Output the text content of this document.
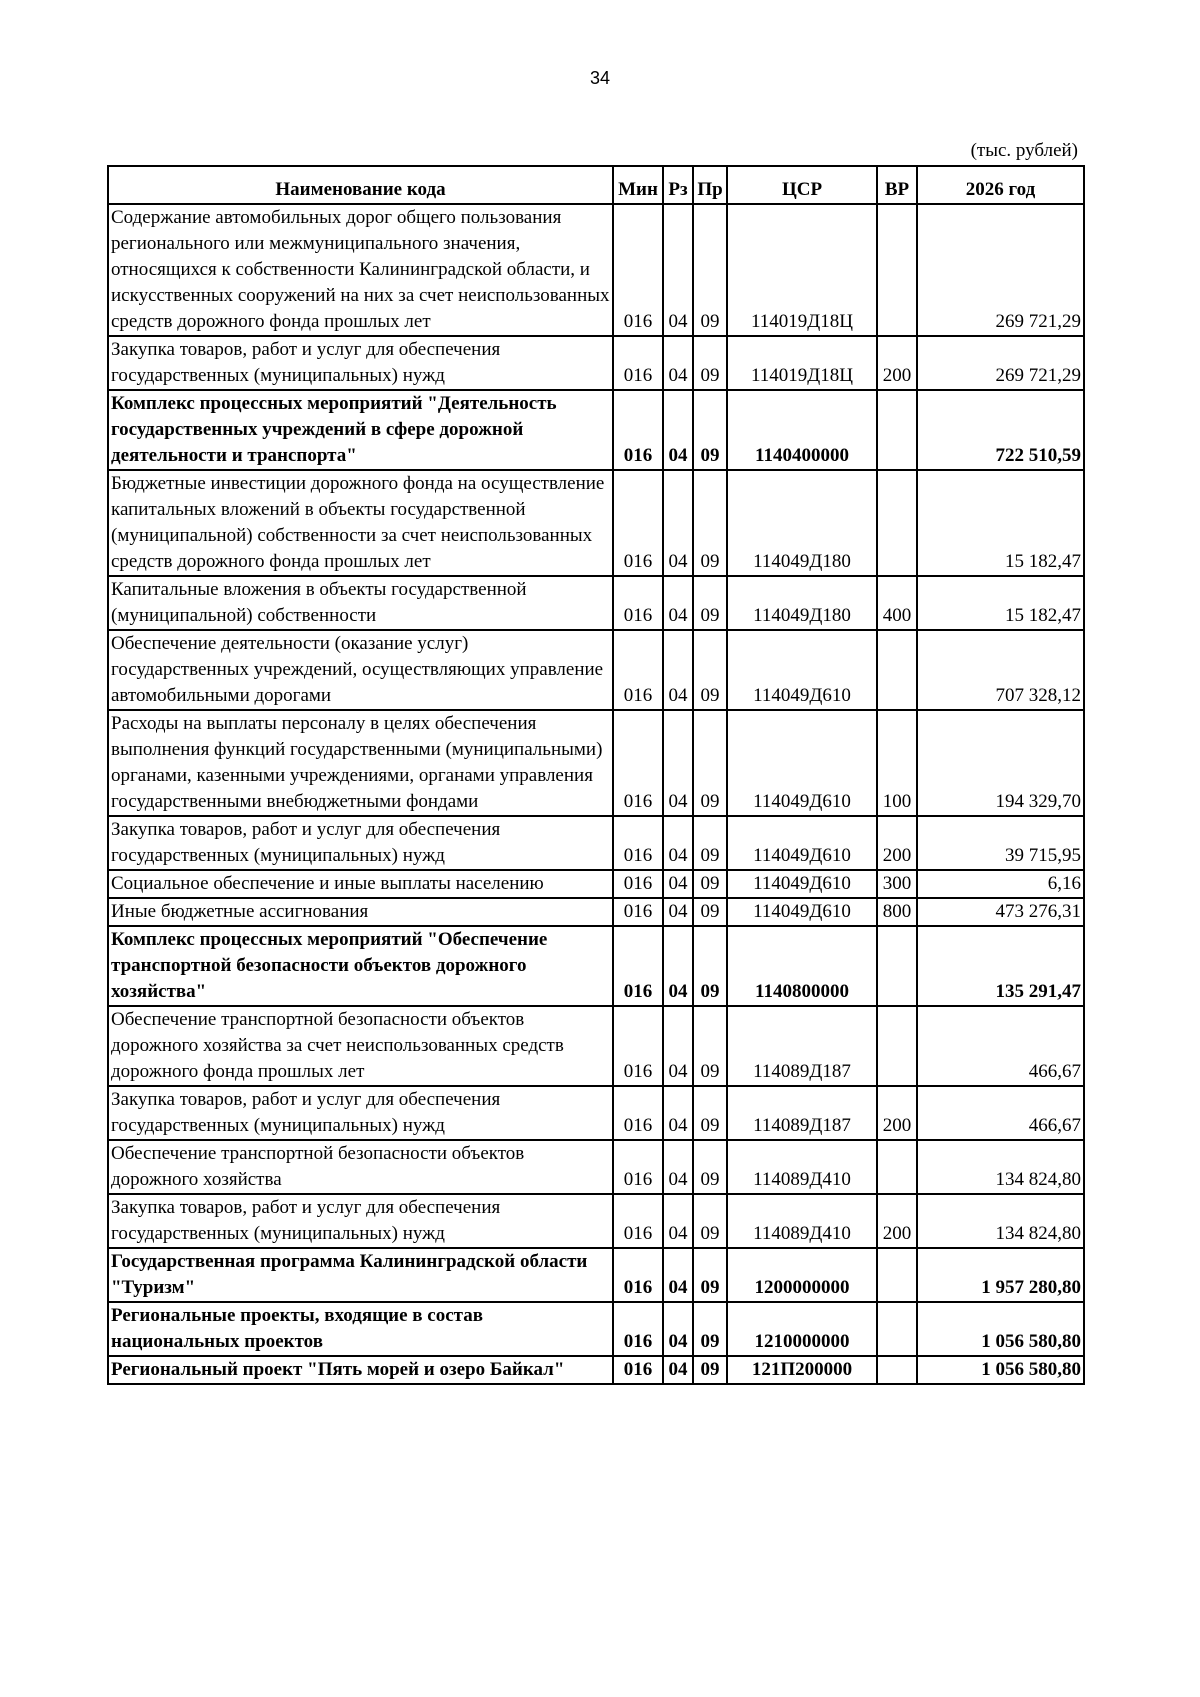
34
(тыс. рублей)
Наименование кода	Мин	Рз	Пр	ЦСР	ВР	2026 год
Содержание автомобильных дорог общего пользования регионального или межмуниципального значения, относящихся к собственности Калининградской области, и искусственных сооружений на них за счет неиспользованных средств дорожного фонда прошлых лет	016	04	09	114019Д18Ц		269 721,29
Закупка товаров, работ и услуг для обеспечения государственных (муниципальных) нужд	016	04	09	114019Д18Ц	200	269 721,29
Комплекс процессных мероприятий "Деятельность государственных учреждений в сфере дорожной деятельности и транспорта"	016	04	09	1140400000		722 510,59
Бюджетные инвестиции дорожного фонда на осуществление капитальных вложений в объекты государственной (муниципальной) собственности за счет неиспользованных средств дорожного фонда прошлых лет	016	04	09	114049Д180		15 182,47
Капитальные вложения в объекты государственной (муниципальной) собственности	016	04	09	114049Д180	400	15 182,47
Обеспечение деятельности (оказание услуг) государственных учреждений, осуществляющих управление автомобильными дорогами	016	04	09	114049Д610		707 328,12
Расходы на выплаты персоналу в целях обеспечения выполнения функций государственными (муниципальными) органами, казенными учреждениями, органами управления государственными внебюджетными фондами	016	04	09	114049Д610	100	194 329,70
Закупка товаров, работ и услуг для обеспечения государственных (муниципальных) нужд	016	04	09	114049Д610	200	39 715,95
Социальное обеспечение и иные выплаты населению	016	04	09	114049Д610	300	6,16
Иные бюджетные ассигнования	016	04	09	114049Д610	800	473 276,31
Комплекс процессных мероприятий "Обеспечение транспортной безопасности объектов дорожного хозяйства"	016	04	09	1140800000		135 291,47
Обеспечение транспортной безопасности объектов дорожного хозяйства за счет неиспользованных средств дорожного фонда прошлых лет	016	04	09	114089Д187		466,67
Закупка товаров, работ и услуг для обеспечения государственных (муниципальных) нужд	016	04	09	114089Д187	200	466,67
Обеспечение транспортной безопасности объектов дорожного хозяйства	016	04	09	114089Д410		134 824,80
Закупка товаров, работ и услуг для обеспечения государственных (муниципальных) нужд	016	04	09	114089Д410	200	134 824,80
Государственная программа Калининградской области "Туризм"	016	04	09	1200000000		1 957 280,80
Региональные проекты, входящие в состав национальных проектов	016	04	09	1210000000		1 056 580,80
Региональный проект "Пять морей и озеро Байкал"	016	04	09	121П200000		1 056 580,80
